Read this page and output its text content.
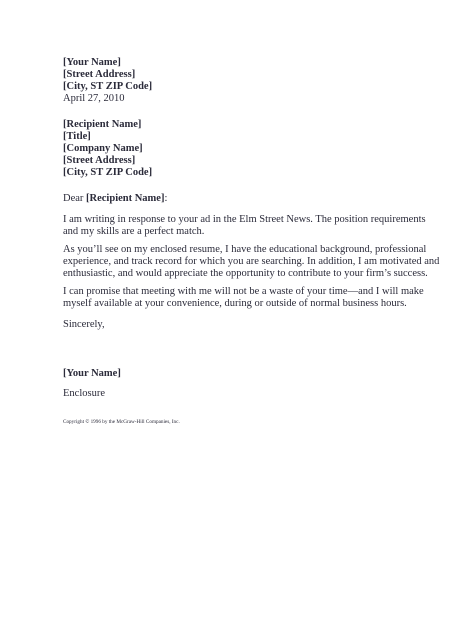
[Your Name]
[Street Address]
[City, ST ZIP Code]
April 27, 2010
[Recipient Name]
[Title]
[Company Name]
[Street Address]
[City, ST ZIP Code]
Dear [Recipient Name]:
I am writing in response to your ad in the Elm Street News. The position requirements
and my skills are a perfect match.
As you’ll see on my enclosed resume, I have the educational background, professional
experience, and track record for which you are searching. In addition, I am motivated and
enthusiastic, and would appreciate the opportunity to contribute to your firm’s success.
I can promise that meeting with me will not be a waste of your time—and I will make
myself available at your convenience, during or outside of normal business hours.
Sincerely,
[Your Name]
Enclosure
Copyright © 1996 by the McGraw-Hill Companies, Inc.
